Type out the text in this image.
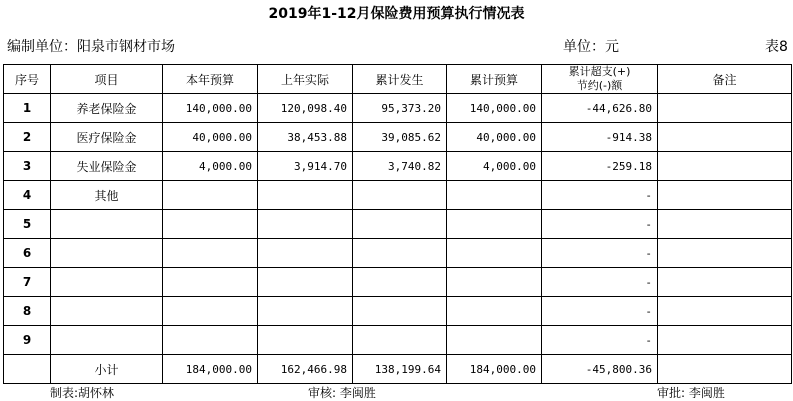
2019年1-12月保险费用预算执行情况表
编制单位：阳泉市钢材市场	单位：元	表8
序号	项目	本年预算	上年实际	累计发生	累计预算	累计超支(+)
节约(-)额	备注
1	养老保险金	140,000.00	120,098.40	95,373.20	140,000.00	-44,626.80	
2	医疗保险金	40,000.00	38,453.88	39,085.62	40,000.00	-914.38	
3	失业保险金	4,000.00	3,914.70	3,740.82	4,000.00	-259.18	
4	其他					-	
5						-	
6						-	
7						-	
8						-	
9						-	
	小计	184,000.00	162,466.98	138,199.64	184,000.00	-45,800.36	
制表:胡怀林	审核: 李闽胜	审批: 李闽胜
